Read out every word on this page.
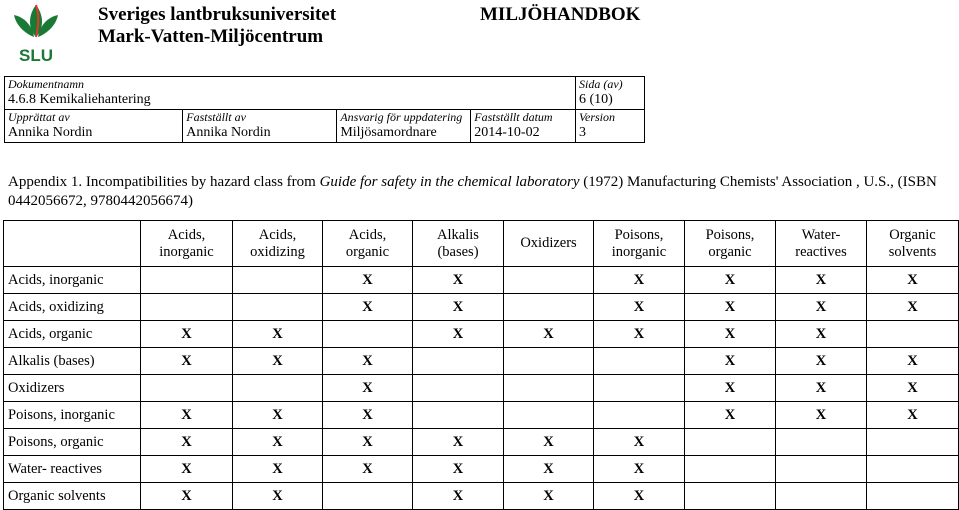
SLU
Sveriges lantbruksuniversitet
Mark-Vatten-Miljöcentrum
MILJÖHANDBOK
Dokumentnamn
4.6.8 Kemikaliehantering				Sida (av)
6 (10)

Upprättat av
Annika Nordin	Fastställt av
Annika Nordin	Ansvarig för uppdatering
Miljösamordnare	Fastställt datum
2014-10-02	Version
3
Appendix 1. Incompatibilities by hazard class from Guide for safety in the chemical laboratory (1972) Manufacturing Chemists' Association , U.S., (ISBN 0442056672, 9780442056674)
	Acids,
inorganic	Acids,
oxidizing	Acids,
organic	Alkalis
(bases)	Oxidizers	Poisons,
inorganic	Poisons,
organic	Water-
reactives	Organic
solvents
Acids, inorganic			X	X		X	X	X	X
Acids, oxidizing			X	X		X	X	X	X
Acids, organic	X	X		X	X	X	X	X	
Alkalis (bases)	X	X	X				X	X	X
Oxidizers			X				X	X	X
Poisons, inorganic	X	X	X				X	X	X
Poisons, organic	X	X	X	X	X	X			
Water- reactives	X	X	X	X	X	X			
Organic solvents	X	X		X	X	X			
